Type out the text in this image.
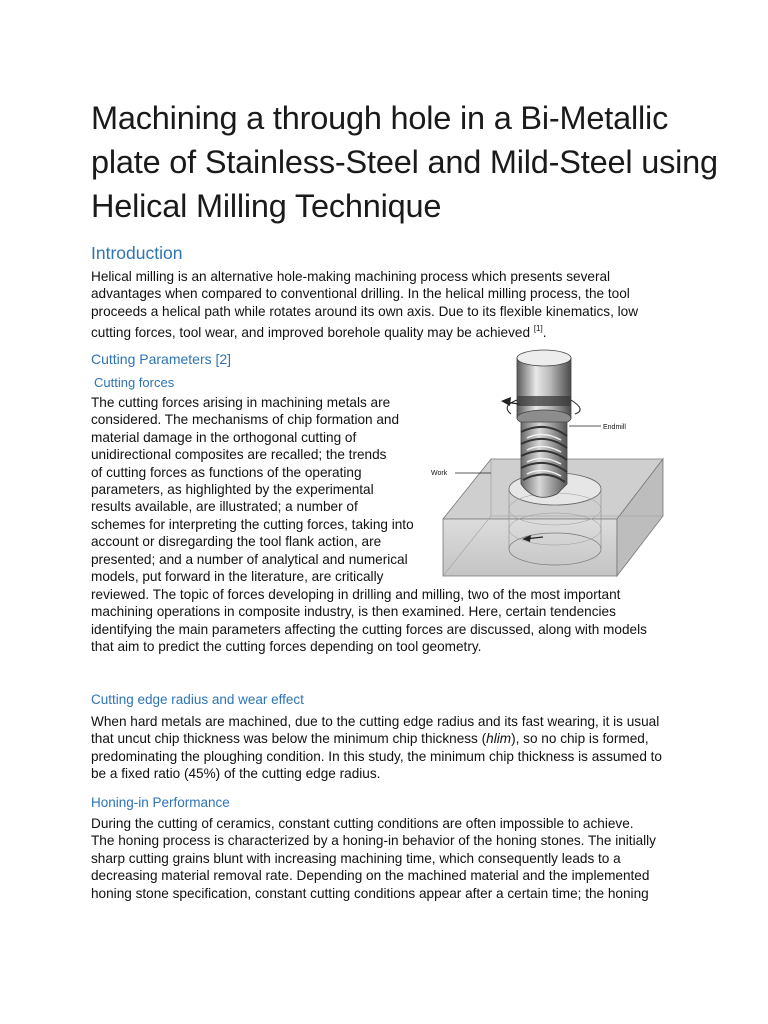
Machining a through hole in a Bi-Metallic
plate of Stainless-Steel and Mild-Steel using
Helical Milling Technique
Introduction

Helical milling is an alternative hole-making machining process which presents several
advantages when compared to conventional drilling. In the helical milling process, the tool
proceeds a helical path while rotates around its own axis. Due to its flexible kinematics, low
cutting forces, tool wear, and improved borehole quality may be achieved [1].

Cutting Parameters [2]
Cutting forces

The cutting forces arising in machining metals are
considered. The mechanisms of chip formation and
material damage in the orthogonal cutting of
unidirectional composites are recalled; the trends
of cutting forces as functions of the operating
parameters, as highlighted by the experimental
results available, are illustrated; a number of
schemes for interpreting the cutting forces, taking into
account or disregarding the tool flank action, are
presented; and a number of analytical and numerical
models, put forward in the literature, are critically

reviewed. The topic of forces developing in drilling and milling, two of the most important
machining operations in composite industry, is then examined. Here, certain tendencies
identifying the main parameters affecting the cutting forces are discussed, along with models
that aim to predict the cutting forces depending on tool geometry.

Endmill
Work
Cutting edge radius and wear effect

When hard metals are machined, due to the cutting edge radius and its fast wearing, it is usual
that uncut chip thickness was below the minimum chip thickness (hlim), so no chip is formed,
predominating the ploughing condition. In this study, the minimum chip thickness is assumed to
be a fixed ratio (45%) of the cutting edge radius.

Honing-in Performance

During the cutting of ceramics, constant cutting conditions are often impossible to achieve.
The honing process is characterized by a honing-in behavior of the honing stones. The initially
sharp cutting grains blunt with increasing machining time, which consequently leads to a
decreasing material removal rate. Depending on the machined material and the implemented
honing stone specification, constant cutting conditions appear after a certain time; the honing
